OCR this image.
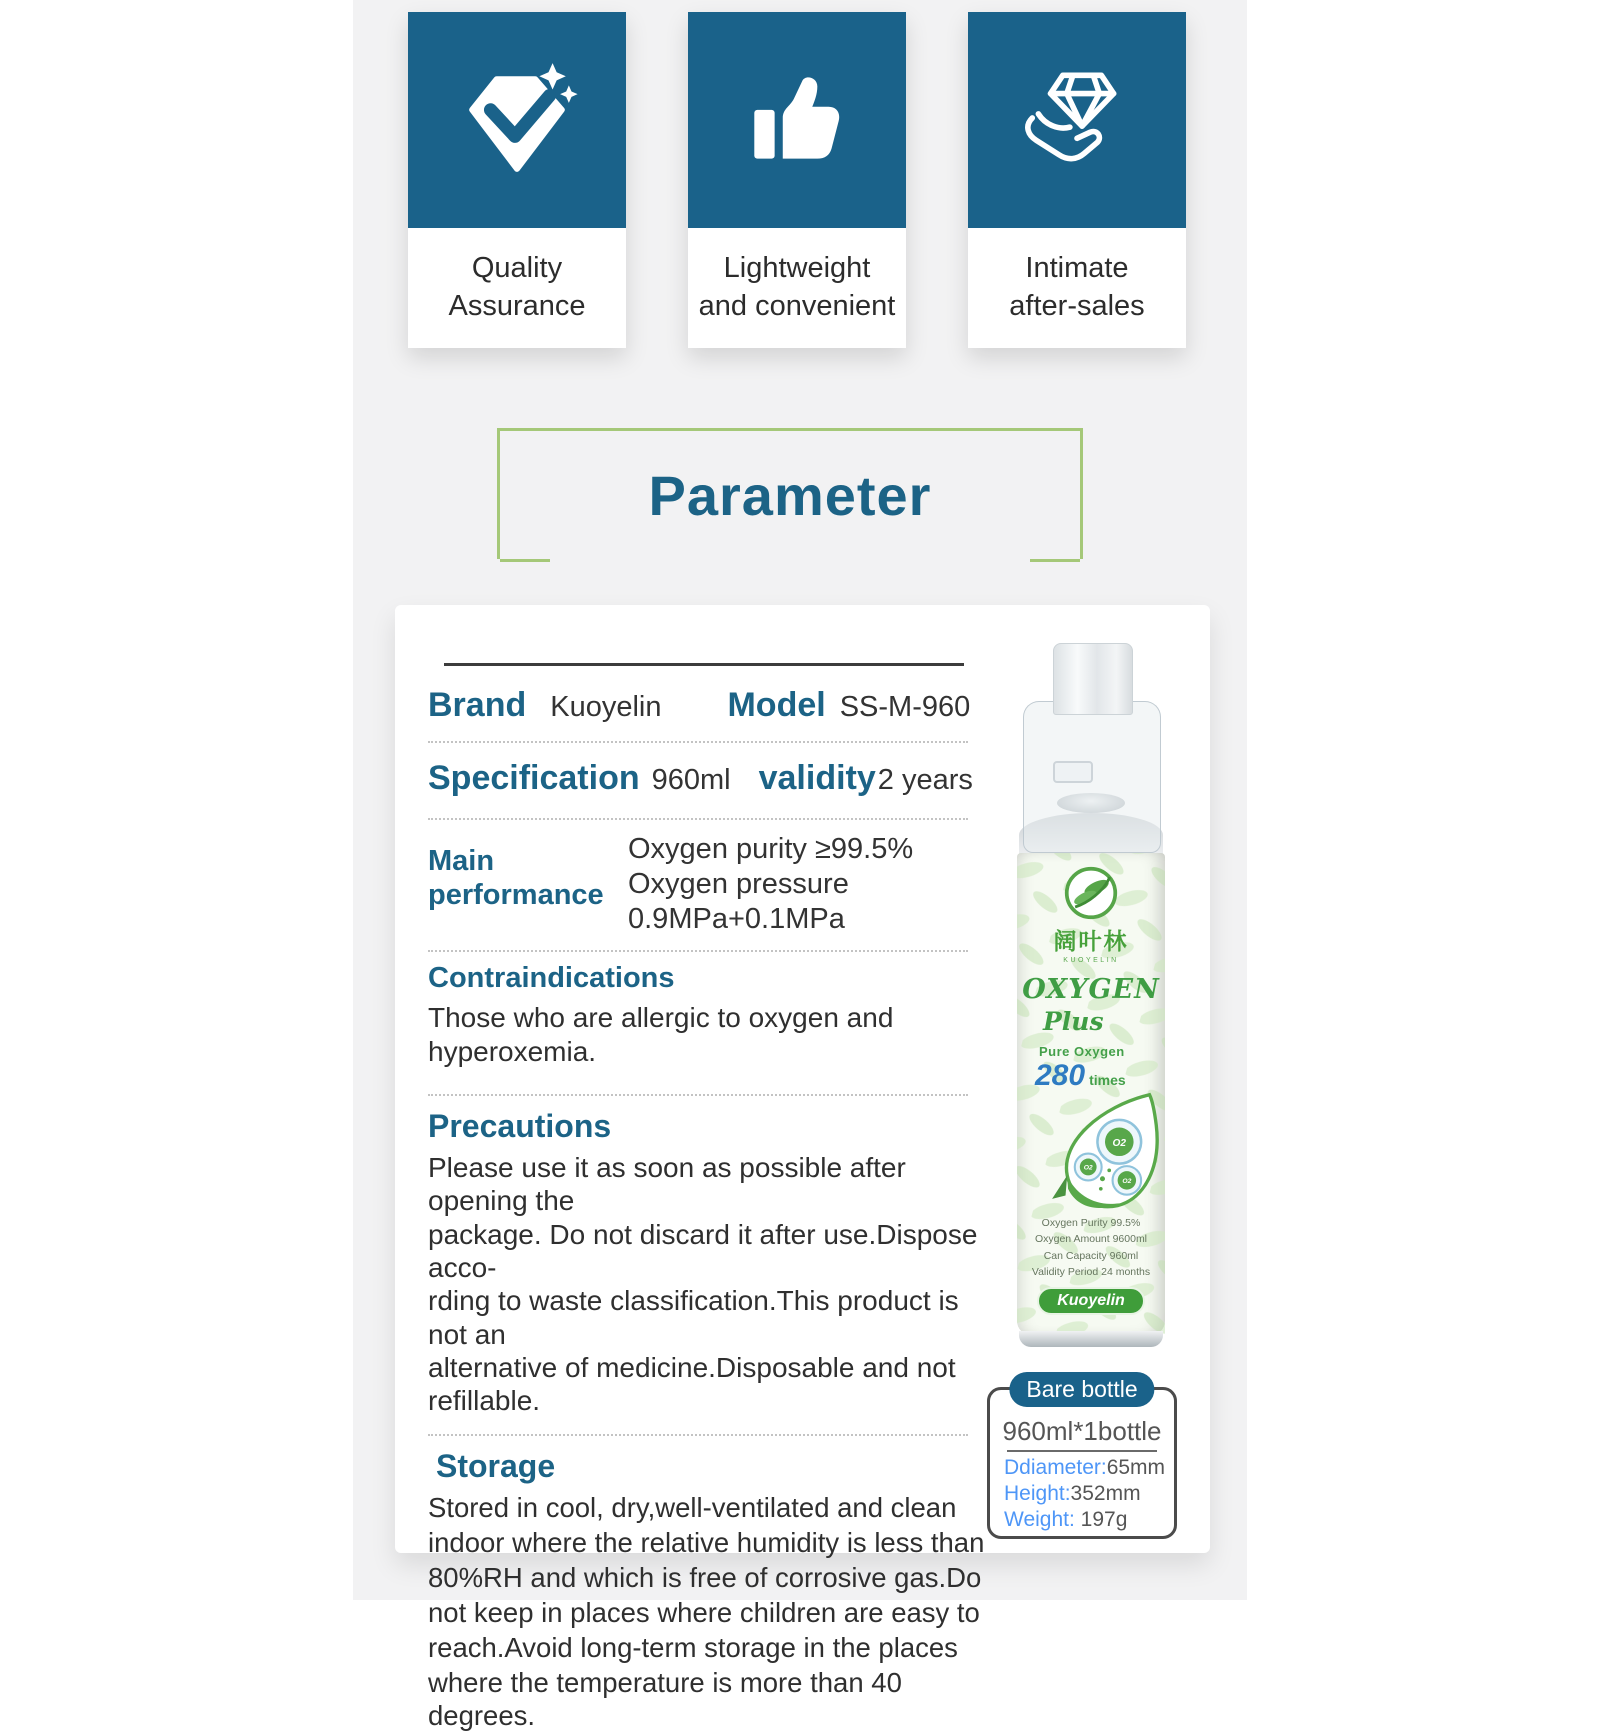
Quality
Assurance
Lightweight
and convenient
Intimate
after-sales
Parameter
Brand Kuoyelin Model SS-M-960
Specification 960ml validity 2 years
Main performance
Oxygen purity ≥99.5%
Oxygen pressure
0.9MPa+0.1MPa
Contraindications
Those who are allergic to oxygen and
hyperoxemia.
Precautions
Please use it as soon as possible after opening the
package. Do not discard it after use.Dispose acco-
rding to waste classification.This product is not an
alternative of medicine.Disposable and not
refillable.
Storage
Stored in cool, dry,well-ventilated and clean
indoor where the relative humidity is less than
80%RH and which is free of corrosive gas.Do
not keep in places where children are easy to
reach.Avoid long-term storage in the places
where the temperature is more than 40 degrees.
阔叶林
KUOYELIN
OXYGEN
Plus
Pure Oxygen
280 times
O2
O2
O2
Oxygen Purity 99.5%
Oxygen Amount 9600ml
Can Capacity 960ml
Validity Period 24 months
Kuoyelin
Bare bottle
960ml*1bottle
Ddiameter:65mm
Height:352mm
Weight: 197g
